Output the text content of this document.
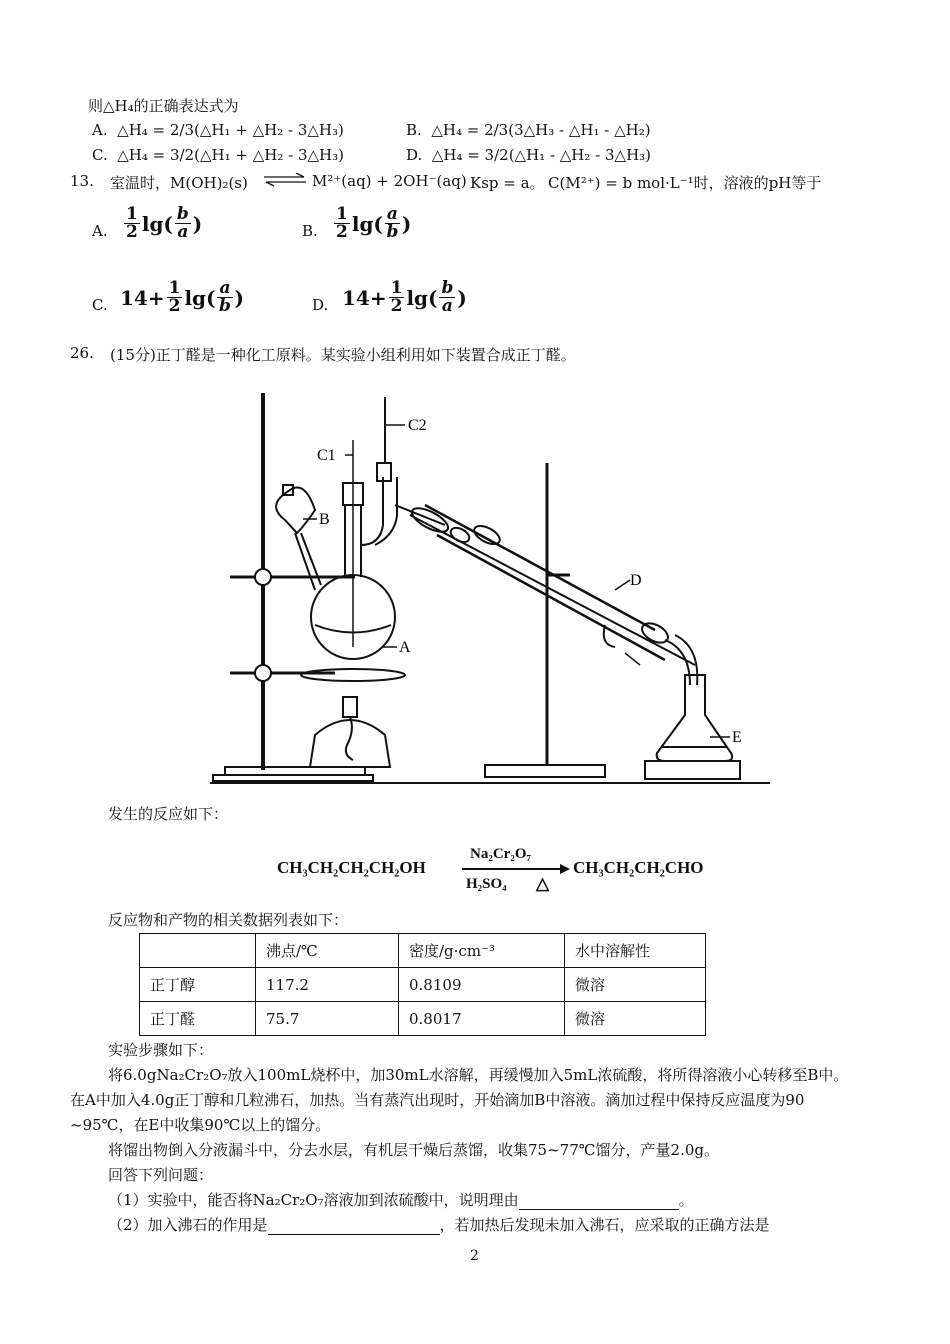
则△H₄的正确表达式为
A. △H₄ = 2/3(△H₁ + △H₂ - 3△H₃)	B. △H₄ = 2/3(3△H₃ - △H₁ - △H₂)
C. △H₄ = 3/2(△H₁ + △H₂ - 3△H₃)	D. △H₄ = 3/2(△H₁ - △H₂ - 3△H₃)
13. 室温时，M(OH)₂(s) ⇌ M²⁺(aq) + 2OH⁻(aq) Ksp = a。 C(M²⁺) = b mol·L⁻¹时，溶液的pH等于
A. $\frac{1}{2} \lg( \frac{b}{a}$ )	B. $\frac{1}{2} \lg( \frac{a}{b}$ )
C. $14+ \frac{1}{2} \lg( \frac{a}{b}$ )	D. $14+ \frac{1}{2} \lg( \frac{b}{a}$ )
26. (15分)正丁醛是一种化工原料。某实验小组利用如下装置合成正丁醛。
C2
C1
B
A
D
E
发生的反应如下：
CH₃CH₂CH₂CH₂OH
Na₂Cr₂O₇
H₂SO₄ △
CH₃CH₂CH₂CHO
反应物和产物的相关数据列表如下：
	沸点/℃	密度/g·cm⁻³	水中溶解性
正丁醇	117.2	0.8109	微溶
正丁醛	75.7	0.8017	微溶
实验步骤如下：
将6.0gNa₂Cr₂O₇放入100mL烧杯中，加30mL水溶解，再缓慢加入5mL浓硫酸，将所得溶液小心转移至B中。
在A中加入4.0g正丁醇和几粒沸石，加热。当有蒸汽出现时，开始滴加B中溶液。滴加过程中保持反应温度为90
~95℃，在E中收集90℃以上的馏分。
将馏出物倒入分液漏斗中，分去水层，有机层干燥后蒸馏，收集75~77℃馏分，产量2.0g。
回答下列问题：
（1）实验中，能否将Na₂Cr₂O₇溶液加到浓硫酸中，说明理由	。
（2）加入沸石的作用是	，若加热后发现未加入沸石，应采取的正确方法是
2
